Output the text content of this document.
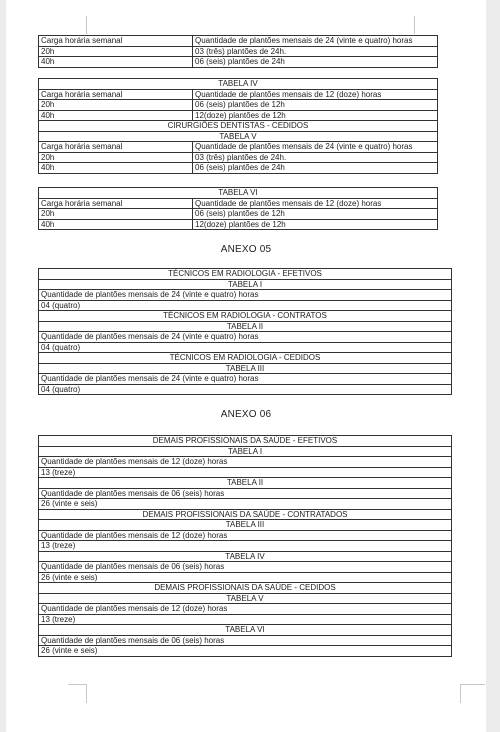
Carga horária semanal	Quantidade de plantões mensais de 24 (vinte e quatro) horas
20h	03 (três) plantões de 24h.
40h	06 (seis) plantões de 24h
TABELA IV	
Carga horária semanal	Quantidade de plantões mensais de 12 (doze) horas
20h	06 (seis) plantões de 12h
40h	12(doze) plantões de 12h
CIRURGIÕES DENTISTAS - CEDIDOS	
TABELA V	
Carga horária semanal	Quantidade de plantões mensais de 24 (vinte e quatro) horas
20h	03 (três) plantões de 24h.
40h	06 (seis) plantões de 24h
TABELA VI	
Carga horária semanal	Quantidade de plantões mensais de 12 (doze) horas
20h	06 (seis) plantões de 12h
40h	12(doze) plantões de 12h
ANEXO 05
TÉCNICOS EM RADIOLOGIA - EFETIVOS
TABELA I
Quantidade de plantões mensais de 24 (vinte e quatro) horas
04 (quatro)
TÉCNICOS EM RADIOLOGIA - CONTRATOS
TABELA II
Quantidade de plantões mensais de 24 (vinte e quatro) horas
04 (quatro)
TÉCNICOS EM RADIOLOGIA - CEDIDOS
TABELA III
Quantidade de plantões mensais de 24 (vinte e quatro) horas
04 (quatro)
ANEXO 06
DEMAIS PROFISSIONAIS DA SAÚDE - EFETIVOS
TABELA I
Quantidade de plantões mensais de 12 (doze) horas
13 (treze)
TABELA II
Quantidade de plantões mensais de 06 (seis) horas
26 (vinte e seis)
DEMAIS PROFISSIONAIS DA SAÚDE - CONTRATADOS
TABELA III
Quantidade de plantões mensais de 12 (doze) horas
13 (treze)
TABELA IV
Quantidade de plantões mensais de 06 (seis) horas
26 (vinte e seis)
DEMAIS PROFISSIONAIS DA SAÚDE - CEDIDOS
TABELA V
Quantidade de plantões mensais de 12 (doze) horas
13 (treze)
TABELA VI
Quantidade de plantões mensais de 06 (seis) horas
26 (vinte e seis)
